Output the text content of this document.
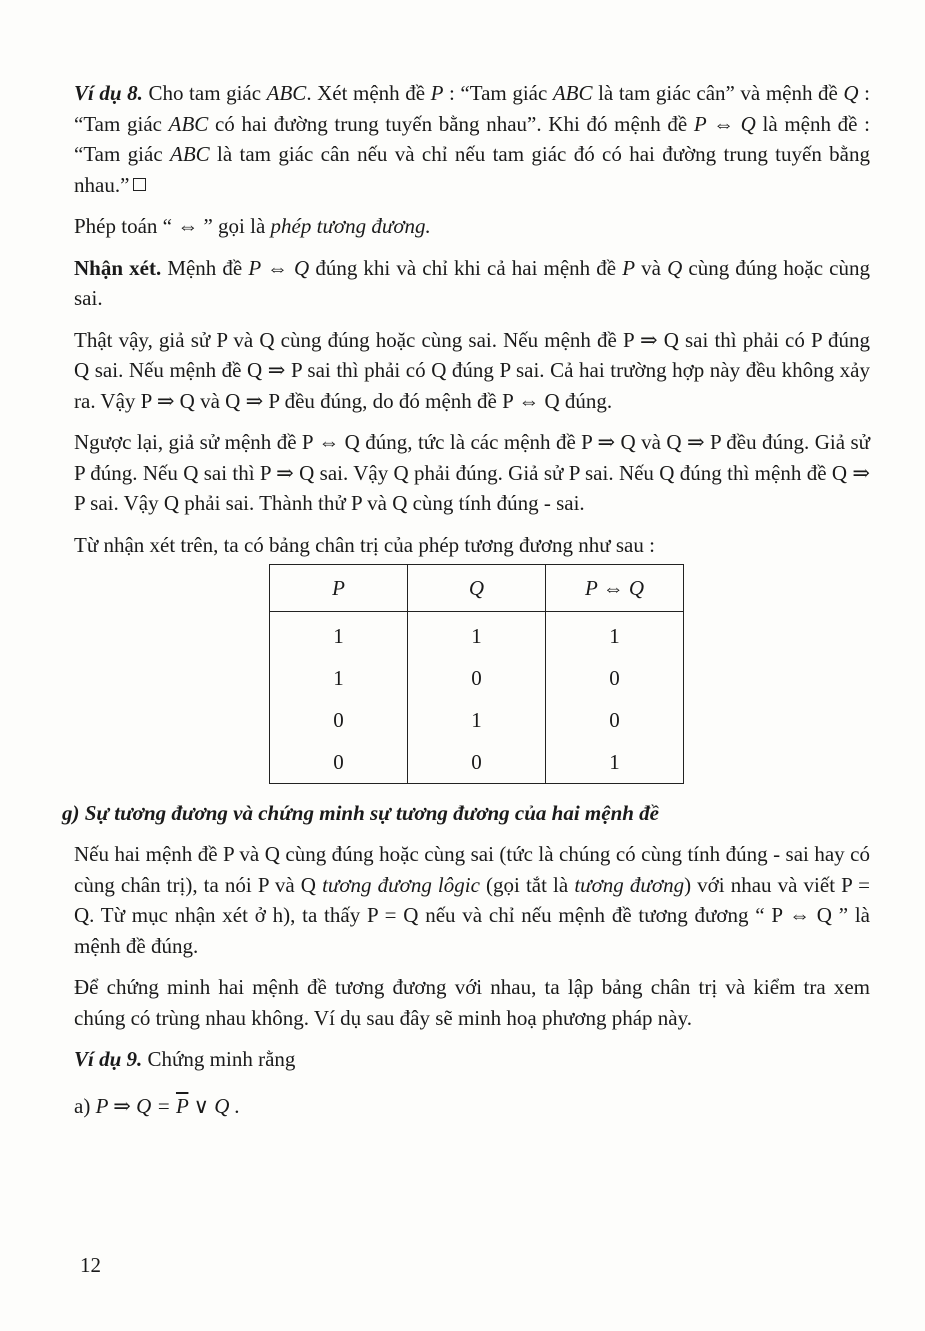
Ví dụ 8. Cho tam giác ABC. Xét mệnh đề P : “Tam giác ABC là tam giác cân” và mệnh đề Q : “Tam giác ABC có hai đường trung tuyến bằng nhau”. Khi đó mệnh đề P ⇔ Q là mệnh đề : “Tam giác ABC là tam giác cân nếu và chỉ nếu tam giác đó có hai đường trung tuyến bằng nhau.”

Phép toán “ ⇔ ” gọi là phép tương đương.

Nhận xét. Mệnh đề P ⇔ Q đúng khi và chỉ khi cả hai mệnh đề P và Q cùng đúng hoặc cùng sai.

Thật vậy, giả sử P và Q cùng đúng hoặc cùng sai. Nếu mệnh đề P ⇒ Q sai thì phải có P đúng Q sai. Nếu mệnh đề Q ⇒ P sai thì phải có Q đúng P sai. Cả hai trường hợp này đều không xảy ra. Vậy P ⇒ Q và Q ⇒ P đều đúng, do đó mệnh đề P ⇔ Q đúng.

Ngược lại, giả sử mệnh đề P ⇔ Q đúng, tức là các mệnh đề P ⇒ Q và Q ⇒ P đều đúng. Giả sử P đúng. Nếu Q sai thì P ⇒ Q sai. Vậy Q phải đúng. Giả sử P sai. Nếu Q đúng thì mệnh đề Q ⇒ P sai. Vậy Q phải sai. Thành thử P và Q cùng tính đúng - sai.

Từ nhận xét trên, ta có bảng chân trị của phép tương đương như sau :

P	Q	P ⇔ Q
1	1	1
1	0	0
0	1	0
0	0	1
g) Sự tương đương và chứng minh sự tương đương của hai mệnh đề

Nếu hai mệnh đề P và Q cùng đúng hoặc cùng sai (tức là chúng có cùng tính đúng - sai hay có cùng chân trị), ta nói P và Q tương đương lôgic (gọi tắt là tương đương) với nhau và viết P = Q. Từ mục nhận xét ở h), ta thấy P = Q nếu và chỉ nếu mệnh đề tương đương “ P ⇔ Q ” là mệnh đề đúng.

Để chứng minh hai mệnh đề tương đương với nhau, ta lập bảng chân trị và kiểm tra xem chúng có trùng nhau không. Ví dụ sau đây sẽ minh hoạ phương pháp này.

Ví dụ 9. Chứng minh rằng

a) P ⇒ $Q = \overline{P}$ ∨ Q .

12
